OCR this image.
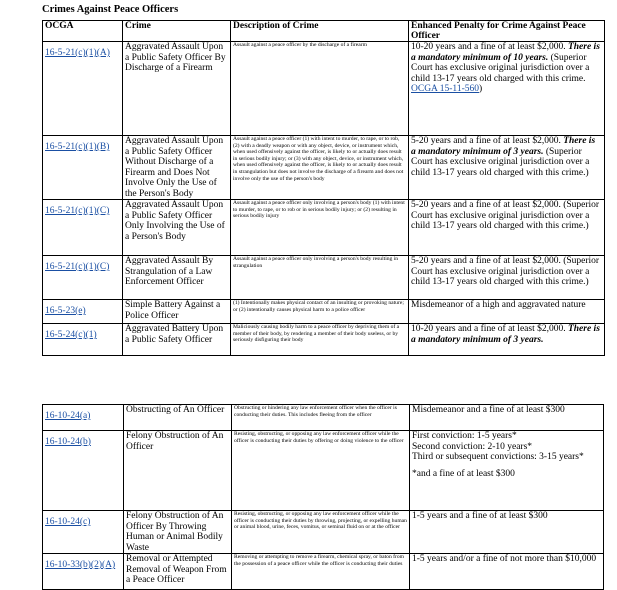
Crimes Against Peace Officers
OCGA	Crime	Description of Crime	Enhanced Penalty for Crime Against Peace Officer
16-5-21(c)(1)(A)	Aggravated Assault Upon a Public Safety Officer By Discharge of a Firearm	Assault against a peace officer by the discharge of a firearm	10-20 years and a fine of at least $2,000. There is a mandatory minimum of 10 years. (Superior Court has exclusive original jurisdiction over a child 13-17 years old charged with this crime. OCGA 15-11-560)
16-5-21(c)(1)(B)	Aggravated Assault Upon a Public Safety Officer Without Discharge of a Firearm and Does Not Involve Only the Use of the Person's Body	Assault against a peace officer (1) with intent to murder, to rape, or to rob, (2) with a deadly weapon or with any object, device, or instrument which, when used offensively against the officer, is likely to or actually does result in serious bodily injury; or (3) with any object, device, or instrument which, when used offensively against the officer, is likely to or actually does result in strangulation but does not involve the discharge of a firearm and does not involve only the use of the person's body	5-20 years and a fine of at least $2,000. There is a mandatory minimum of 3 years. (Superior Court has exclusive original jurisdiction over a child 13-17 years old charged with this crime.)
16-5-21(c)(1)(C)	Aggravated Assault Upon a Public Safety Officer Only Involving the Use of a Person's Body	Assault against a peace officer only involving a person's body (1) with intent to murder, to rape, or to rob or in serious bodily injury; or (2) resulting in serious bodily injury	5-20 years and a fine of at least $2,000. (Superior Court has exclusive original jurisdiction over a child 13-17 years old charged with this crime.)
16-5-21(c)(1)(C)	Aggravated Assault By Strangulation of a Law Enforcement Officer	Assault against a peace officer only involving a person's body resulting in strangulation	5-20 years and a fine of at least $2,000. (Superior Court has exclusive original jurisdiction over a child 13-17 years old charged with this crime.)
16-5-23(e)	Simple Battery Against a Police Officer	(1) Intentionally makes physical contact of an insulting or provoking nature; or (2) intentionally causes physical harm to a police officer	Misdemeanor of a high and aggravated nature
16-5-24(c)(1)	Aggravated Battery Upon a Public Safety Officer	Maliciously causing bodily harm to a peace officer by depriving them of a member of their body, by rendering a member of their body useless, or by seriously disfiguring their body	10-20 years and a fine of at least $2,000. There is a mandatory minimum of 3 years.
16-10-24(a)	Obstructing of An Officer	Obstructing or hindering any law enforcement officer when the officer is conducting their duties. This includes fleeing from the officer	Misdemeanor and a fine of at least $300
16-10-24(b)	Felony Obstruction of An Officer	Resisting, obstructing, or opposing any law enforcement officer while the officer is conducting their duties by offering or doing violence to the officer	First conviction: 1-5 years*

Second conviction: 2-10 years*

Third or subsequent convictions: 3-15 years*

*and a fine of at least $300

16-10-24(c)	Felony Obstruction of An Officer By Throwing Human or Animal Bodily Waste	Resisting, obstructing, or opposing any law enforcement officer while the officer is conducting their duties by throwing, projecting, or expelling human or animal blood, urine, feces, vomitus, or seminal fluid on or at the officer	1-5 years and a fine of at least $300
16-10-33(b)(2)(A)	Removal or Attempted Removal of Weapon From a Peace Officer	Removing or attempting to remove a firearm, chemical spray, or baton from the possession of a peace officer while the officer is conducting their duties	1-5 years and/or a fine of not more than $10,000
